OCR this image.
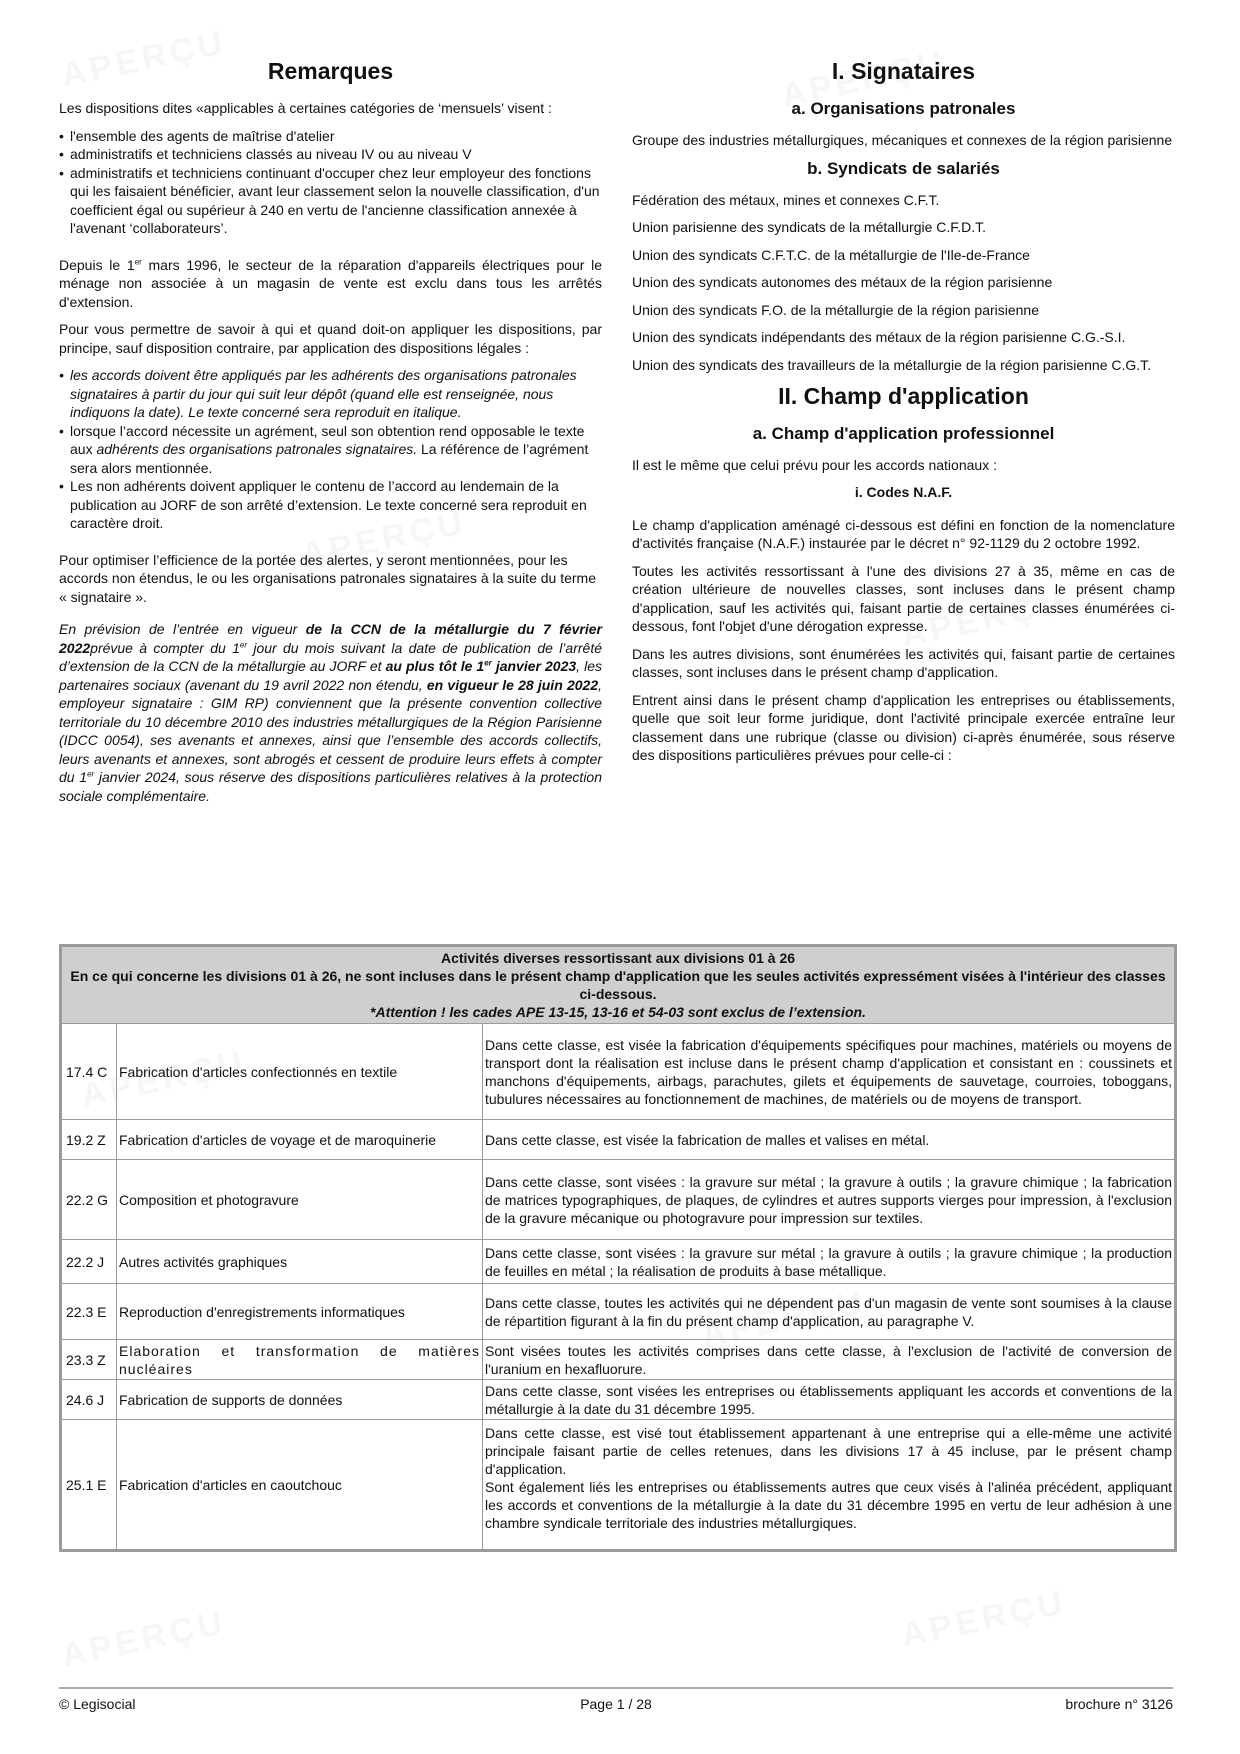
Remarques

Les dispositions dites «applicables à certaines catégories de ‘mensuels’ visent :

• l'ensemble des agents de maîtrise d'atelier
• administratifs et techniciens classés au niveau IV ou au niveau V
• administratifs et techniciens continuant d'occuper chez leur employeur des fonctions qui les faisaient bénéficier, avant leur classement selon la nouvelle classification, d'un coefficient égal ou supérieur à 240 en vertu de l'ancienne classification annexée à l'avenant ‘collaborateurs’.

Depuis le 1er mars 1996, le secteur de la réparation d'appareils électriques pour le ménage non associée à un magasin de vente est exclu dans tous les arrêtés d'extension.

Pour vous permettre de savoir à qui et quand doit-on appliquer les dispositions, par principe, sauf disposition contraire, par application des dispositions légales :

• les accords doivent être appliqués par les adhérents des organisations patronales signataires à partir du jour qui suit leur dépôt (quand elle est renseignée, nous indiquons la date). Le texte concerné sera reproduit en italique.
• lorsque l’accord nécessite un agrément, seul son obtention rend opposable le texte aux adhérents des organisations patronales signataires. La référence de l’agrément sera alors mentionnée.
• Les non adhérents doivent appliquer le contenu de l’accord au lendemain de la publication au JORF de son arrêté d’extension. Le texte concerné sera reproduit en caractère droit.

Pour optimiser l’efficience de la portée des alertes, y seront mentionnées, pour les accords non étendus, le ou les organisations patronales signataires à la suite du terme « signataire ».

En prévision de l’entrée en vigueur de la CCN de la métallurgie du 7 février 2022prévue à compter du 1er jour du mois suivant la date de publication de l’arrêté d’extension de la CCN de la métallurgie au JORF et au plus tôt le 1er janvier 2023, les partenaires sociaux (avenant du 19 avril 2022 non étendu, en vigueur le 28 juin 2022, employeur signataire : GIM RP) conviennent que la présente convention collective territoriale du 10 décembre 2010 des industries métallurgiques de la Région Parisienne (IDCC 0054), ses avenants et annexes, ainsi que l’ensemble des accords collectifs, leurs avenants et annexes, sont abrogés et cessent de produire leurs effets à compter du 1er janvier 2024, sous réserve des dispositions particulières relatives à la protection sociale complémentaire.

I. Signataires
a. Organisations patronales

Groupe des industries métallurgiques, mécaniques et connexes de la région parisienne

b. Syndicats de salariés

Fédération des métaux, mines et connexes C.F.T.

Union parisienne des syndicats de la métallurgie C.F.D.T.

Union des syndicats C.F.T.C. de la métallurgie de l'Ile-de-France

Union des syndicats autonomes des métaux de la région parisienne

Union des syndicats F.O. de la métallurgie de la région parisienne

Union des syndicats indépendants des métaux de la région parisienne C.G.-S.I.

Union des syndicats des travailleurs de la métallurgie de la région parisienne C.G.T.

II. Champ d'application
a. Champ d'application professionnel

Il est le même que celui prévu pour les accords nationaux :

i. Codes N.A.F.

Le champ d'application aménagé ci-dessous est défini en fonction de la nomenclature d'activités française (N.A.F.) instaurée par le décret n° 92-1129 du 2 octobre 1992.

Toutes les activités ressortissant à l'une des divisions 27 à 35, même en cas de création ultérieure de nouvelles classes, sont incluses dans le présent champ d'application, sauf les activités qui, faisant partie de certaines classes énumérées ci-dessous, font l'objet d'une dérogation expresse.

Dans les autres divisions, sont énumérées les activités qui, faisant partie de certaines classes, sont incluses dans le présent champ d'application.

Entrent ainsi dans le présent champ d'application les entreprises ou établissements, quelle que soit leur forme juridique, dont l'activité principale exercée entraîne leur classement dans une rubrique (classe ou division) ci-après énumérée, sous réserve des dispositions particulières prévues pour celle-ci :

Activités diverses ressortissant aux divisions 01 à 26
En ce qui concerne les divisions 01 à 26, ne sont incluses dans le présent champ d'application que les seules activités expressément visées à l'intérieur des classes ci-dessous.
*Attention ! les cades APE 13-15, 13-16 et 54-03 sont exclus de l’extension.		

17.4 C	Fabrication d'articles confectionnés en textile	Dans cette classe, est visée la fabrication d'équipements spécifiques pour machines, matériels ou moyens de transport dont la réalisation est incluse dans le présent champ d'application et consistant en : coussinets et manchons d'équipements, airbags, parachutes, gilets et équipements de sauvetage, courroies, toboggans, tubulures nécessaires au fonctionnement de machines, de matériels ou de moyens de transport.
19.2 Z	Fabrication d'articles de voyage et de maroquinerie	Dans cette classe, est visée la fabrication de malles et valises en métal.
22.2 G	Composition et photogravure	Dans cette classe, sont visées : la gravure sur métal ; la gravure à outils ; la gravure chimique ; la fabrication de matrices typographiques, de plaques, de cylindres et autres supports vierges pour impression, à l'exclusion de la gravure mécanique ou photogravure pour impression sur textiles.
22.2 J	Autres activités graphiques	Dans cette classe, sont visées : la gravure sur métal ; la gravure à outils ; la gravure chimique ; la production de feuilles en métal ; la réalisation de produits à base métallique.
22.3 E	Reproduction d'enregistrements informatiques	Dans cette classe, toutes les activités qui ne dépendent pas d'un magasin de vente sont soumises à la clause de répartition figurant à la fin du présent champ d'application, au paragraphe V.
23.3 Z	Elaboration et transformation de matières nucléaires	Sont visées toutes les activités comprises dans cette classe, à l'exclusion de l'activité de conversion de l'uranium en hexafluorure.
24.6 J	Fabrication de supports de données	Dans cette classe, sont visées les entreprises ou établissements appliquant les accords et conventions de la métallurgie à la date du 31 décembre 1995.
25.1 E	Fabrication d'articles en caoutchouc	Dans cette classe, est visé tout établissement appartenant à une entreprise qui a elle-même une activité principale faisant partie de celles retenues, dans les divisions 17 à 45 incluse, par le présent champ d'application.
Sont également liés les entreprises ou établissements autres que ceux visés à l'alinéa précédent, appliquant les accords et conventions de la métallurgie à la date du 31 décembre 1995 en vertu de leur adhésion à une chambre syndicale territoriale des industries métallurgiques.
© Legisocial	Page 1 / 28	brochure n° 3126
